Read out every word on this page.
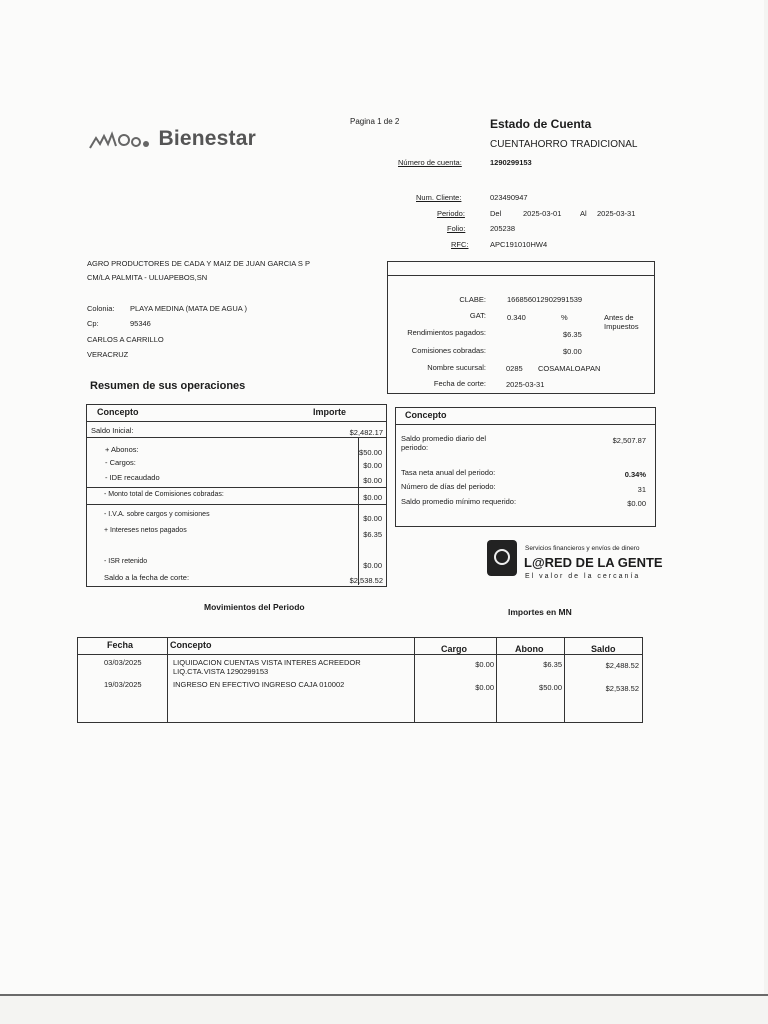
Bienestar
Pagina 1 de 2	Estado de Cuenta
CUENTAHORRO TRADICIONAL
Número de cuenta:	1290299153
Num. Cliente:	023490947
Periodo:	Del	2025-03-01 Al 2025-03-31
Folio:	205238
RFC:	APC191010HW4
AGRO PRODUCTORES DE CADA Y MAIZ DE JUAN GARCIA S P
CM/LA PALMITA - ULUAPEBOS,SN
Colonia: PLAYA MEDINA (MATA DE AGUA )
Cp:	95346
CARLOS A CARRILLO
VERACRUZ
CLABE:	166856012902991539
GAT:	0.340	%	Antes de Impuestos
Rendimientos pagados:	$6.35
Comisiones cobradas:	$0.00
Nombre sucursal:	0285 COSAMALOAPAN
Fecha de corte:	2025-03-31
Resumen de sus operaciones
Concepto	Importe
Saldo Inicial:	$2,482.17
+ Abonos:	$50.00
- Cargos:	$0.00
- IDE recaudado	$0.00
- Monto total de Comisiones cobradas:	$0.00
- I.V.A. sobre cargos y comisiones	$0.00
+ Intereses netos pagados	$6.35
- ISR retenido	$0.00
Saldo a la fecha de corte:	$2,538.52
Concepto
Saldo promedio diario del periodo:
$2,507.87
Tasa neta anual del periodo:	0.34%
Número de días del periodo:	31
Saldo promedio mínimo requerido:	$0.00
Servicios financieros y envíos de dinero
L@RED DE LA GENTE
El valor de la cercanía
Movimientos del Periodo	Importes en MN
Fecha	Concepto	Cargo	Abono	Saldo
03/03/2025	LIQUIDACION CUENTAS VISTA INTERES ACREEDOR
LIQ.CTA.VISTA 1290299153
$0.00	$6.35	$2,488.52
19/03/2025	INGRESO EN EFECTIVO INGRESO CAJA 010002	$0.00	$50.00	$2,538.52
